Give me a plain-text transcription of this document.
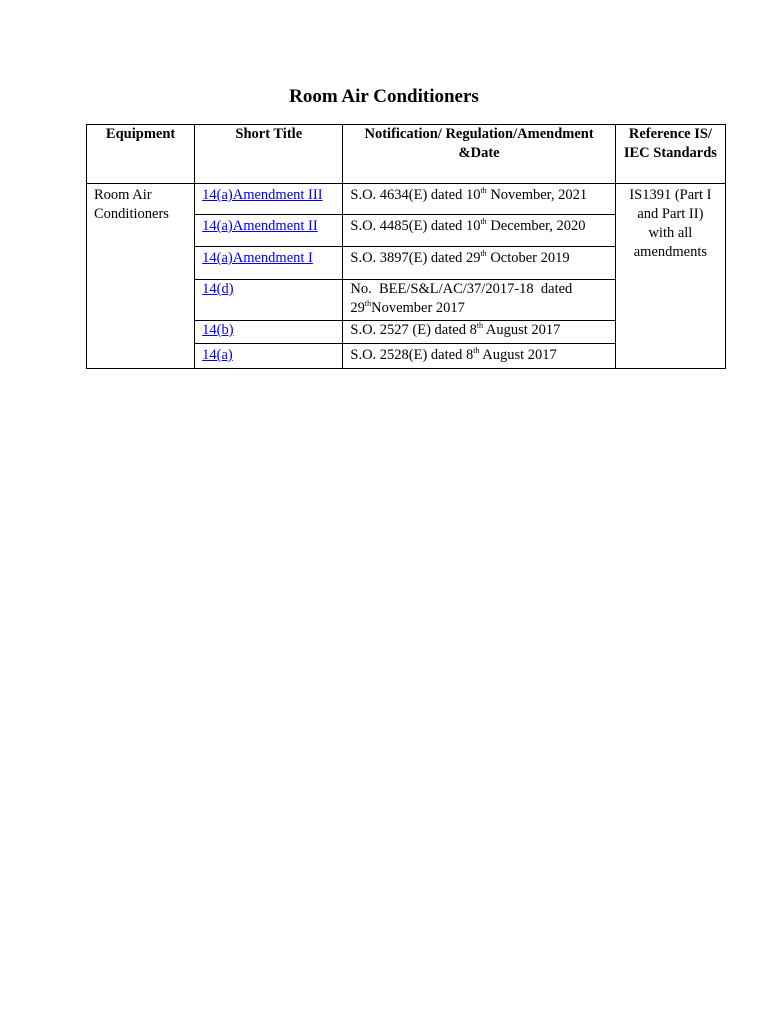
Room Air Conditioners
Equipment	Short Title	Notification/ Regulation/Amendment &Date	Reference IS/ IEC Standards
Room Air Conditioners	14(a)Amendment III	S.O. 4634(E) dated 10th November, 2021	IS1391 (Part I and Part II) with all amendments
	14(a)Amendment II	S.O. 4485(E) dated 10th December, 2020	
	14(a)Amendment I	S.O. 3897(E) dated 29th October 2019	
	14(d)	No.  BEE/S&L/AC/37/2017-18  dated 29thNovember 2017	
	14(b)	S.O. 2527 (E) dated 8th August 2017	
	14(a)	S.O. 2528(E) dated 8th August 2017	
